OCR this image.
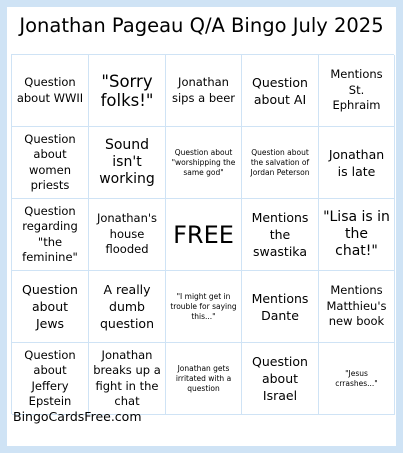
Jonathan Pageau Q/A Bingo July 2025
Question about WWII
"Sorry folks!"
Jonathan sips a beer
Question about AI
Mentions St. Ephraim
Question about women priests
Sound isn't working
Question about "worshipping the same god"
Question about the salvation of Jordan Peterson
Jonathan is late
Question regarding "the feminine"
Jonathan's house flooded
FREE
Mentions the swastika
"Lisa is in the chat!"
Question about Jews
A really dumb question
"I might get in trouble for saying this..."
Mentions Dante
Mentions Matthieu's new book
Question about Jeffery Epstein
Jonathan breaks up a fight in the chat
Jonathan gets irritated with a question
Question about Israel
"Jesus crrashes..."
BingoCardsFree.com
